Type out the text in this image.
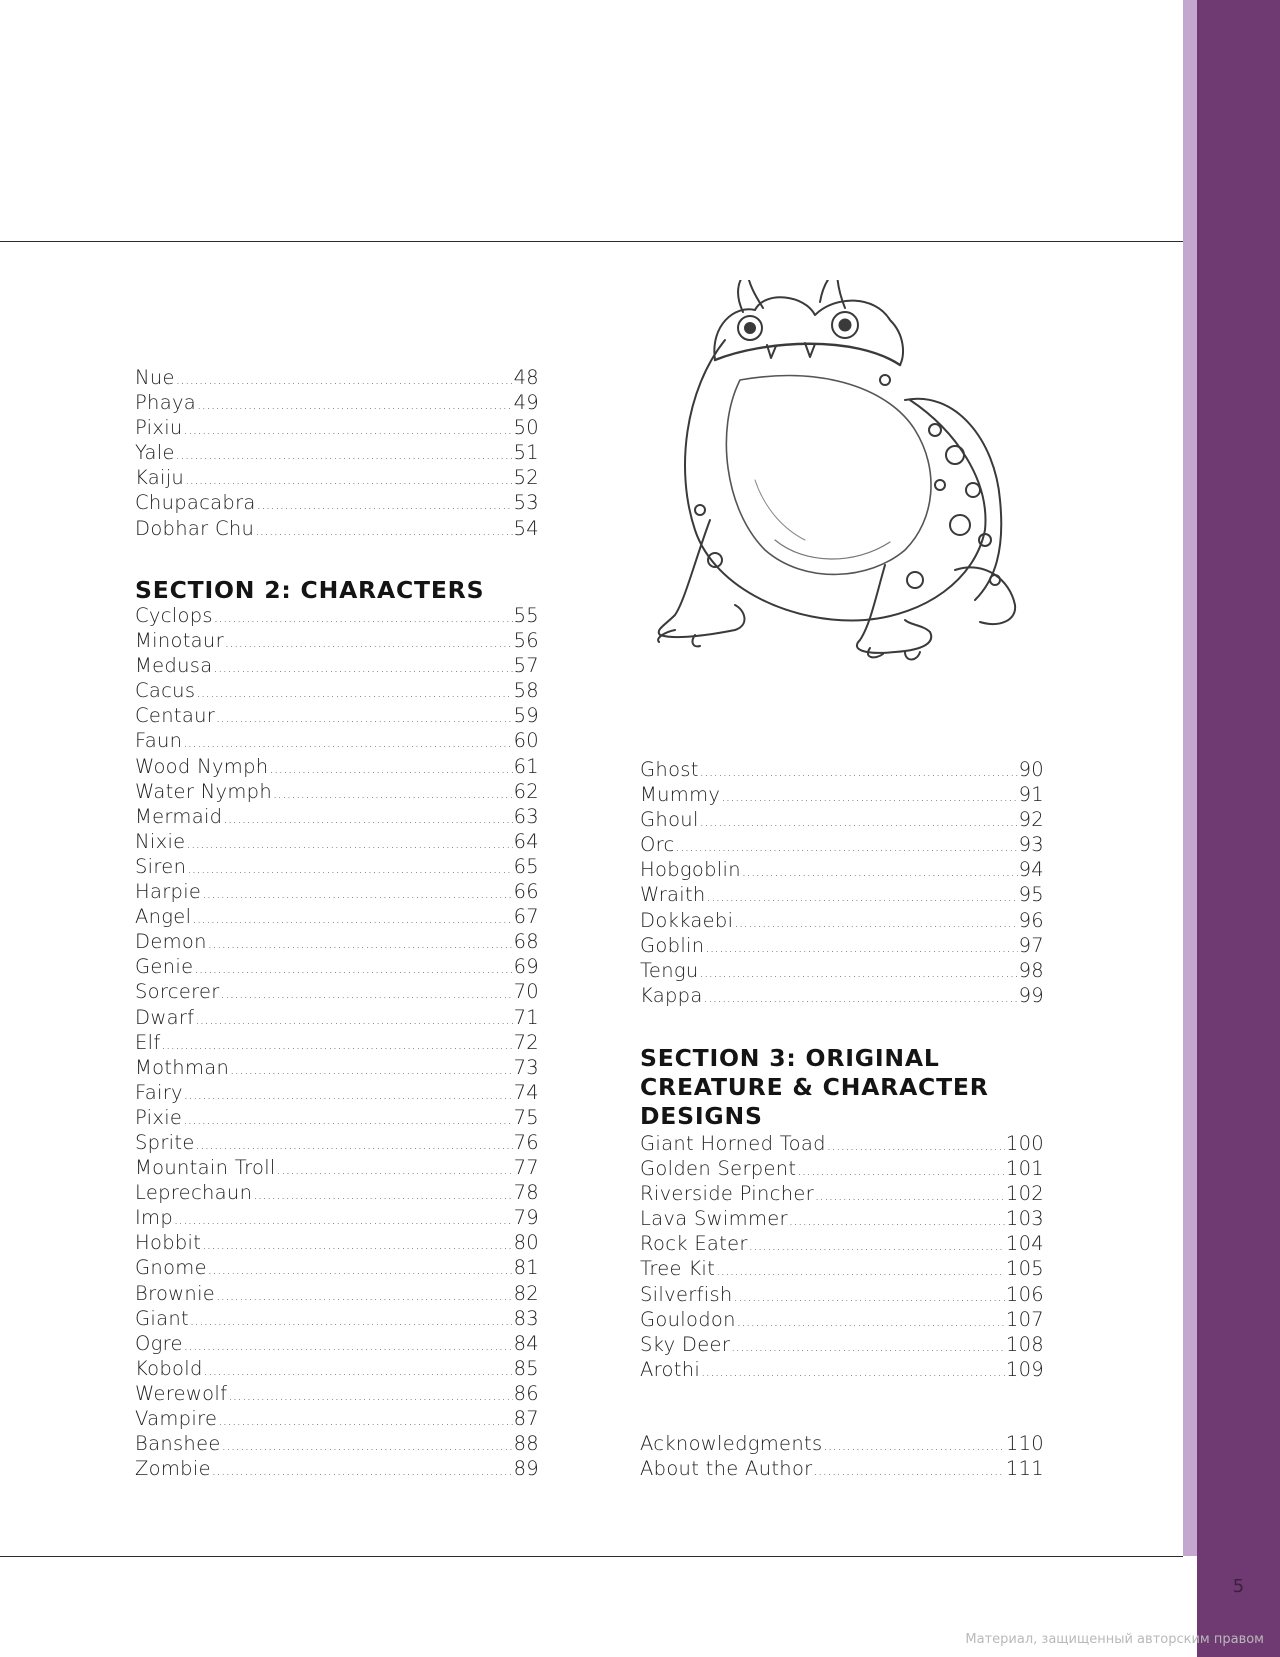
Nue .....	48
Phaya .....	49
Pixiu .....	50
Yale .....	51
Kaiju .....	52
Chupacabra .....	53
Dobhar Chu .....	54
SECTION 2: CHARACTERS
Cyclops .....	55
Minotaur .....	56
Medusa .....	57
Cacus .....	58
Centaur .....	59
Faun .....	60
Wood Nymph .....	61
Water Nymph .....	62
Mermaid .....	63
Nixie .....	64
Siren .....	65
Harpie .....	66
Angel .....	67
Demon .....	68
Genie .....	69
Sorcerer .....	70
Dwarf .....	71
Elf .....	72
Mothman .....	73
Fairy .....	74
Pixie .....	75
Sprite .....	76
Mountain Troll .....	77
Leprechaun .....	78
Imp .....	79
Hobbit .....	80
Gnome .....	81
Brownie .....	82
Giant .....	83
Ogre .....	84
Kobold .....	85
Werewolf .....	86
Vampire .....	87
Banshee .....	88
Zombie .....	89
Ghost .....	90
Mummy .....	91
Ghoul .....	92
Orc .....	93
Hobgoblin .....	94
Wraith .....	95
Dokkaebi .....	96
Goblin .....	97
Tengu .....	98
Kappa .....	99
SECTION 3: ORIGINAL
CREATURE & CHARACTER
DESIGNS
Giant Horned Toad .....	100
Golden Serpent .....	101
Riverside Pincher .....	102
Lava Swimmer .....	103
Rock Eater .....	104
Tree Kit .....	105
Silverfish .....	106
Goulodon .....	107
Sky Deer .....	108
Arothi .....	109
Acknowledgments .....	110
About the Author .....	111
5
Материал, защищенный авторским правом
